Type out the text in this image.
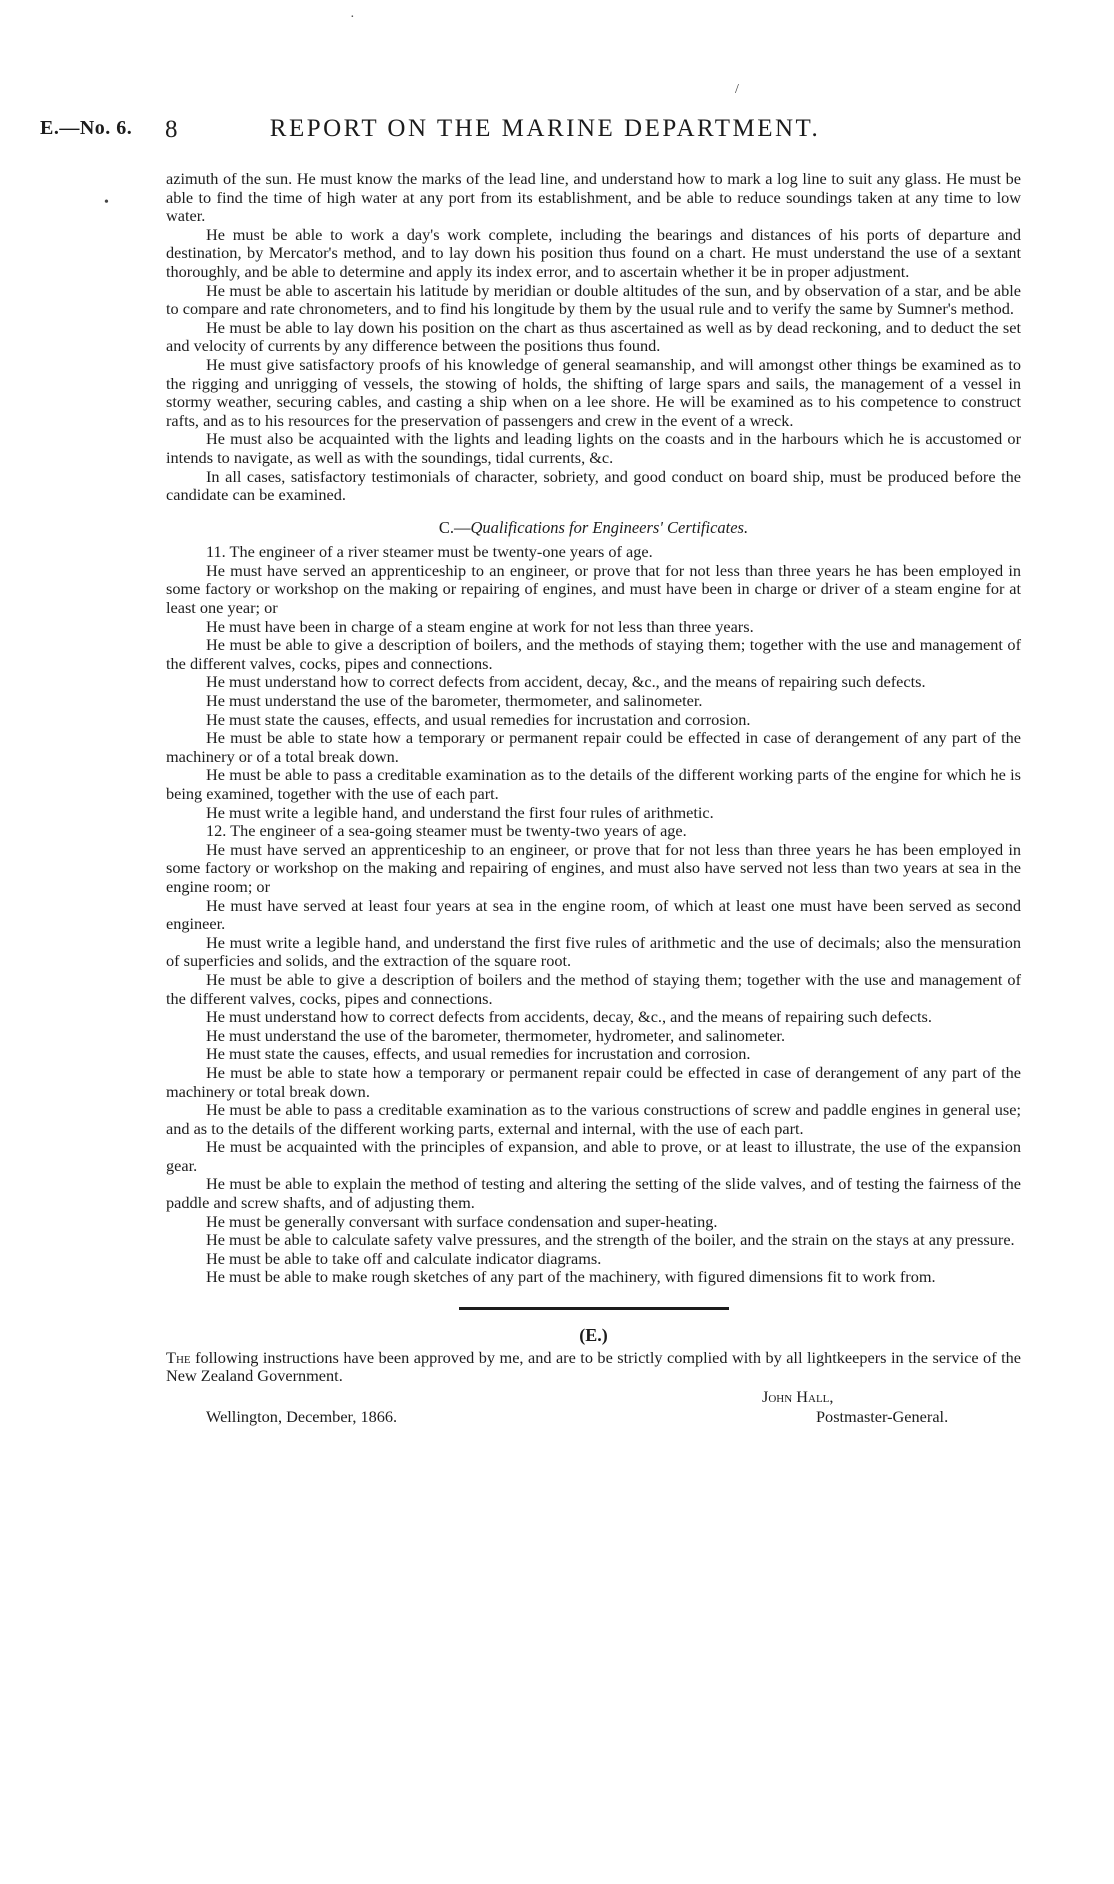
·
/
•
E.—No. 6. 8	REPORT ON THE MARINE DEPARTMENT.

azimuth of the sun. He must know the marks of the lead line, and understand how to mark a log line to suit any glass. He must be able to find the time of high water at any port from its establishment, and be able to reduce soundings taken at any time to low water.

He must be able to work a day's work complete, including the bearings and distances of his ports of departure and destination, by Mercator's method, and to lay down his position thus found on a chart. He must understand the use of a sextant thoroughly, and be able to determine and apply its index error, and to ascertain whether it be in proper adjustment.

He must be able to ascertain his latitude by meridian or double altitudes of the sun, and by observation of a star, and be able to compare and rate chronometers, and to find his longitude by them by the usual rule and to verify the same by Sumner's method.

He must be able to lay down his position on the chart as thus ascertained as well as by dead reckoning, and to deduct the set and velocity of currents by any difference between the positions thus found.

He must give satisfactory proofs of his knowledge of general seamanship, and will amongst other things be examined as to the rigging and unrigging of vessels, the stowing of holds, the shifting of large spars and sails, the management of a vessel in stormy weather, securing cables, and casting a ship when on a lee shore. He will be examined as to his competence to construct rafts, and as to his resources for the preservation of passengers and crew in the event of a wreck.

He must also be acquainted with the lights and leading lights on the coasts and in the harbours which he is accustomed or intends to navigate, as well as with the soundings, tidal currents, &c.

In all cases, satisfactory testimonials of character, sobriety, and good conduct on board ship, must be produced before the candidate can be examined.

C.—Qualifications for Engineers' Certificates.

11. The engineer of a river steamer must be twenty-one years of age.

He must have served an apprenticeship to an engineer, or prove that for not less than three years he has been employed in some factory or workshop on the making or repairing of engines, and must have been in charge or driver of a steam engine for at least one year; or

He must have been in charge of a steam engine at work for not less than three years.

He must be able to give a description of boilers, and the methods of staying them; together with the use and management of the different valves, cocks, pipes and connections.

He must understand how to correct defects from accident, decay, &c., and the means of repairing such defects.

He must understand the use of the barometer, thermometer, and salinometer.

He must state the causes, effects, and usual remedies for incrustation and corrosion.

He must be able to state how a temporary or permanent repair could be effected in case of derangement of any part of the machinery or of a total break down.

He must be able to pass a creditable examination as to the details of the different working parts of the engine for which he is being examined, together with the use of each part.

He must write a legible hand, and understand the first four rules of arithmetic.

12. The engineer of a sea-going steamer must be twenty-two years of age.

He must have served an apprenticeship to an engineer, or prove that for not less than three years he has been employed in some factory or workshop on the making and repairing of engines, and must also have served not less than two years at sea in the engine room; or

He must have served at least four years at sea in the engine room, of which at least one must have been served as second engineer.

He must write a legible hand, and understand the first five rules of arithmetic and the use of decimals; also the mensuration of superficies and solids, and the extraction of the square root.

He must be able to give a description of boilers and the method of staying them; together with the use and management of the different valves, cocks, pipes and connections.

He must understand how to correct defects from accidents, decay, &c., and the means of repairing such defects.

He must understand the use of the barometer, thermometer, hydrometer, and salinometer.

He must state the causes, effects, and usual remedies for incrustation and corrosion.

He must be able to state how a temporary or permanent repair could be effected in case of derangement of any part of the machinery or total break down.

He must be able to pass a creditable examination as to the various constructions of screw and paddle engines in general use; and as to the details of the different working parts, external and internal, with the use of each part.

He must be acquainted with the principles of expansion, and able to prove, or at least to illustrate, the use of the expansion gear.

He must be able to explain the method of testing and altering the setting of the slide valves, and of testing the fairness of the paddle and screw shafts, and of adjusting them.

He must be generally conversant with surface condensation and super-heating.

He must be able to calculate safety valve pressures, and the strength of the boiler, and the strain on the stays at any pressure.

He must be able to take off and calculate indicator diagrams.

He must be able to make rough sketches of any part of the machinery, with figured dimensions fit to work from.

(E.)

The following instructions have been approved by me, and are to be strictly complied with by all lightkeepers in the service of the New Zealand Government.

Wellington, December, 1866.
John Hall,
Postmaster-General.
